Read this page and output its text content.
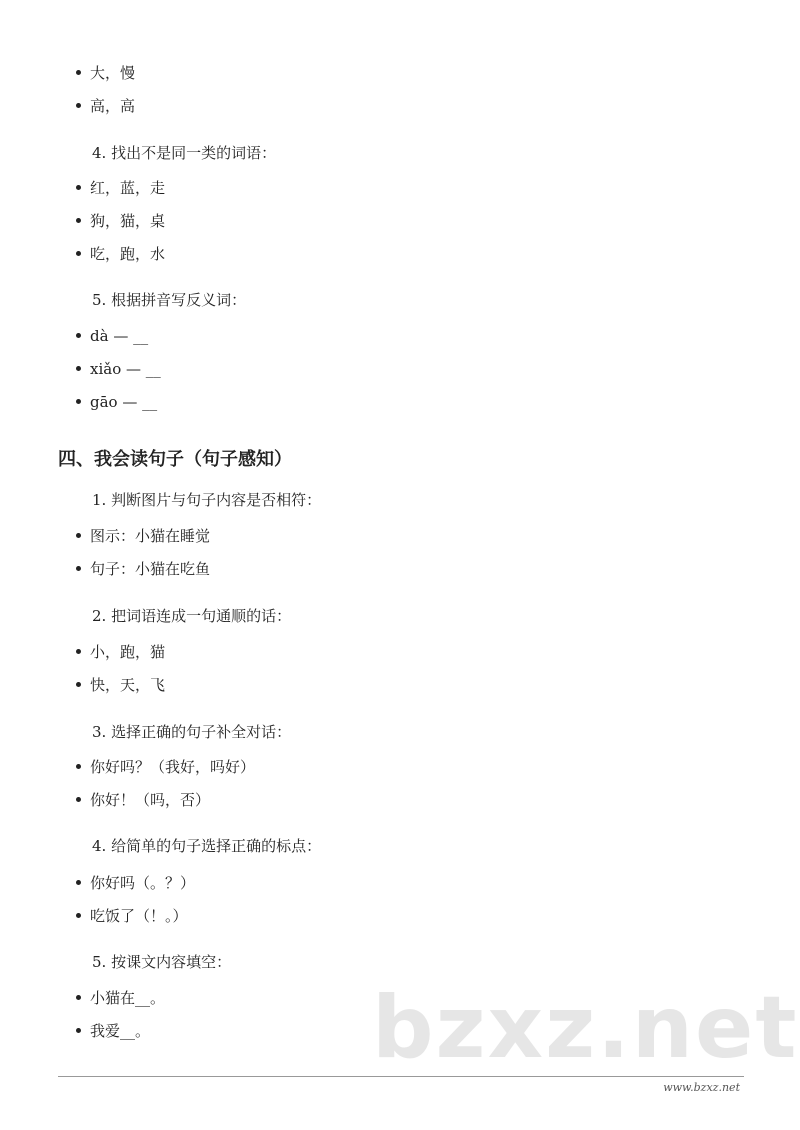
大，慢
高，高
4. 找出不是同一类的词语：
红，蓝，走
狗，猫，桌
吃，跑，水
5. 根据拼音写反义词：
dà — __
xiǎo — __
gāo — __
四、我会读句子（句子感知）
1. 判断图片与句子内容是否相符：
图示：小猫在睡觉
句子：小猫在吃鱼
2. 把词语连成一句通顺的话：
小，跑，猫
快，天，飞
3. 选择正确的句子补全对话：
你好吗？（我好，吗好）
你好！（吗，否）
4. 给简单的句子选择正确的标点：
你好吗（。？）
吃饭了（！。）
5. 按课文内容填空：
小猫在__。
我爱__。	bzxz.net
www.bzxz.net
